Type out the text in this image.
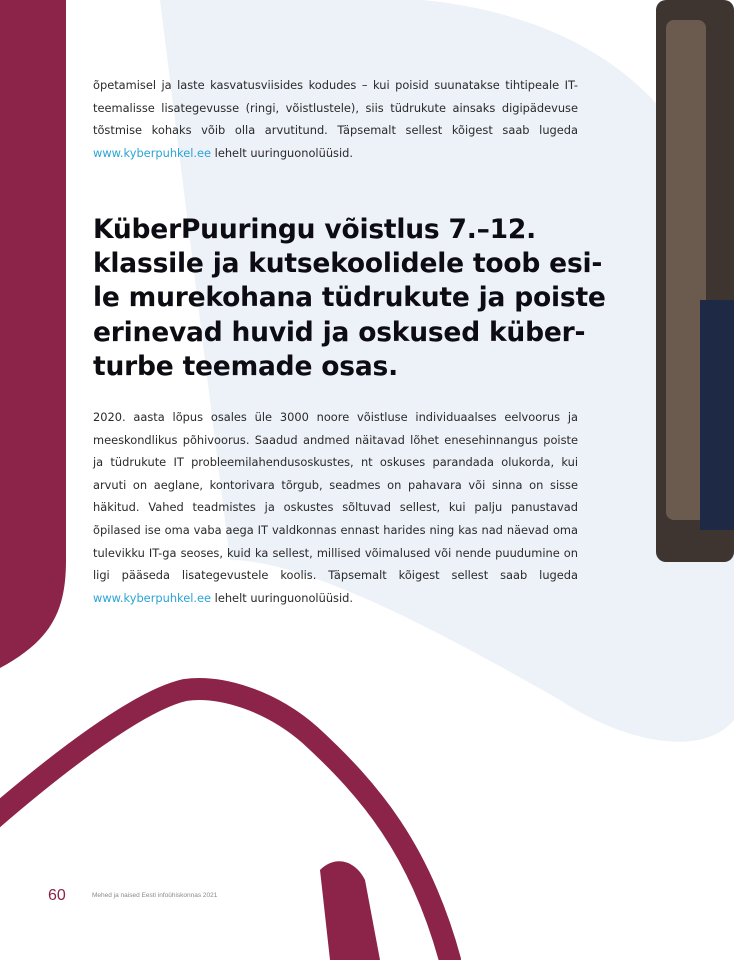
õpetamisel ja laste kasvatusviisides kodudes – kui poisid suunatakse tihtipeale IT-teemalisse lisategevusse (ringi, võistlustele), siis tüdrukute ainsaks digipädevuse tõstmise kohaks võib olla arvutitund. Täpsemalt sellest kõigest saab lugeda www.kyberpuhkel.ee lehelt uuringuonolüüsid.

KüberPuuringu võistlus 7.–12.
klassile ja kutsekoolidele toob esi-
le murekohana tüdrukute ja poiste
erinevad huvid ja oskused küber-
turbe teemade osas.

2020. aasta lõpus osales üle 3000 noore võistluse individuaalses eelvoorus ja meeskondlikus põhivoorus. Saadud andmed näitavad lõhet enesehinnangus poiste ja tüdrukute IT probleemilahendusoskustes, nt oskuses parandada olukorda, kui arvuti on aeglane, kontorivara tõrgub, seadmes on pahavara või sinna on sisse häkitud. Vahed teadmistes ja oskustes sõltuvad sellest, kui palju panustavad õpilased ise oma vaba aega IT valdkonnas ennast harides ning kas nad näevad oma tulevikku IT-ga seoses, kuid ka sellest, millised võimalused või nende puudumine on ligi pääseda lisategevustele koolis. Täpsemalt kõigest sellest saab lugeda www.kyberpuhkel.ee lehelt uuringuonolüüsid.

60	Mehed ja naised Eesti infoühiskonnas 2021
